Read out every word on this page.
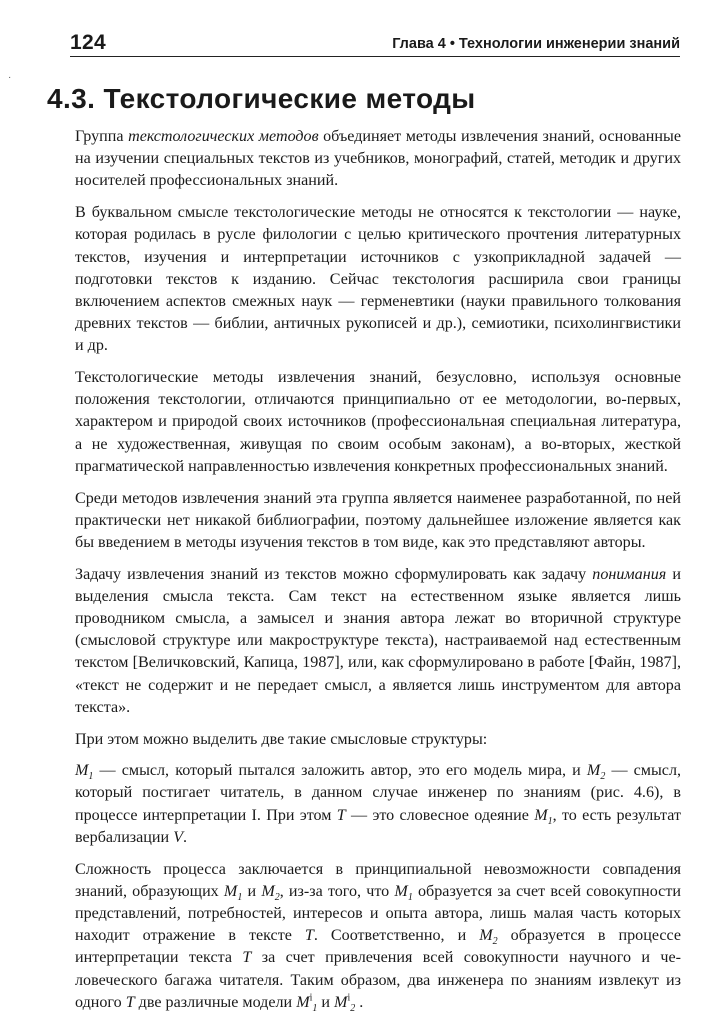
124	Глава 4 • Технологии инженерии знаний
·
4.3. Текстологические методы

Группа текстологических методов объединяет методы извлечения знаний, основанные на изучении специальных текстов из учебников, монографий, статей, методик и других носителей профессиональных знаний.

В буквальном смысле текстологические методы не относятся к текстологии — науке, которая родилась в русле филологии с целью критического прочтения литературных текстов, изучения и интерпретации источников с узкоприкладной задачей — подготовки текстов к изданию. Сейчас текстология расширила свои границы включением аспектов смежных наук — герменевтики (науки правильного толкования древних текстов — библии, античных рукописей и др.), семиотики, психолингвистики и др.

Текстологические методы извлечения знаний, безусловно, используя основные положения текстологии, отличаются принципиально от ее методологии, во-первых, характером и природой своих источников (профессиональная специальная литература, а не художественная, живущая по своим особым законам), а во-вторых, жесткой прагматической направленностью извлечения конкретных профессиональных знаний.

Среди методов извлечения знаний эта группа является наименее разработанной, по ней практически нет никакой библиографии, поэтому дальнейшее изложение является как бы введением в методы изучения текстов в том виде, как это представляют авторы.

Задачу извлечения знаний из текстов можно сформулировать как задачу понимания и выделения смысла текста. Сам текст на естественном языке является лишь проводником смысла, а замысел и знания автора лежат во вторичной структуре (смысловой структуре или макроструктуре текста), настраиваемой над естественным текстом [Величковский, Капица, 1987], или, как сформулировано в работе [Файн, 1987], «текст не содержит и не передает смысл, а является лишь инструментом для автора текста».

При этом можно выделить две такие смысловые структуры:

$M_1$ — смысл, который пытался заложить автор, это его модель мира, и $M_2$ — смысл, который постигает читатель, в данном случае инженер по знаниям (рис. 4.6), в процессе интерпретации I. При этом T — это словесное одеяние $M_1$, то есть результат вербализации V.

Сложность процесса заключается в принципиальной невозможности совпадения знаний, образующих $M_1$ и $M_2$, из-за того, что $M_1$ образуется за счет всей совокупности представлений, потребностей, интересов и опыта автора, лишь малая часть которых находит отражение в тексте T. Соответственно, и $M_2$ образуется в процессе интерпретации текста T за счет привлечения всей совокупности научного и человеческого багажа читателя. Таким образом, два инженера по знаниям извлекут из одного T две различные модели $M^i_1$ и $M^i_2$ .
